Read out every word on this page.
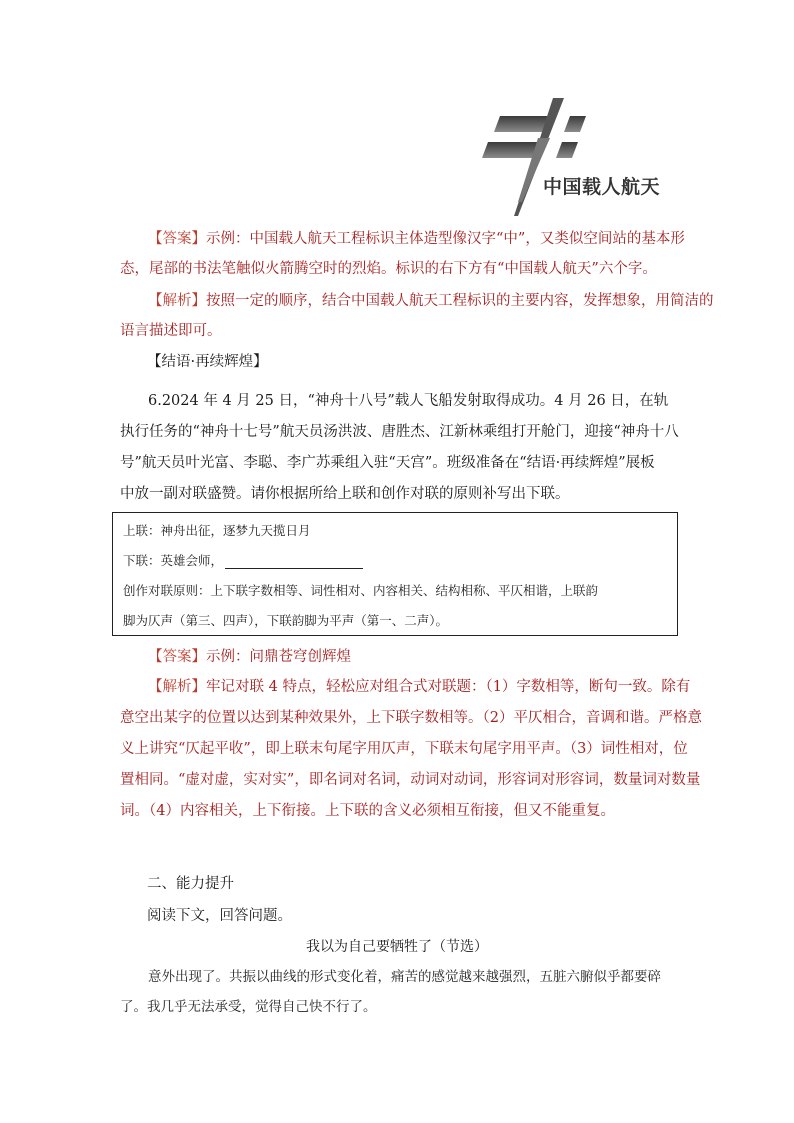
中国载人航天
【答案】示例：中国载人航天工程标识主体造型像汉字“中”，又类似空间站的基本形
态，尾部的书法笔触似火箭腾空时的烈焰。标识的右下方有“中国载人航天”六个字。
【解析】按照一定的顺序，结合中国载人航天工程标识的主要内容，发挥想象，用简洁的
语言描述即可。
【结语·再续辉煌】
6.2024 年 4 月 25 日，“神舟十八号”载人飞船发射取得成功。4 月 26 日，在轨
执行任务的“神舟十七号”航天员汤洪波、唐胜杰、江新林乘组打开舱门，迎接“神舟十八
号”航天员叶光富、李聪、李广苏乘组入驻“天宫”。班级准备在“结语·再续辉煌”展板
中放一副对联盛赞。请你根据所给上联和创作对联的原则补写出下联。
上联：神舟出征，逐梦九天揽日月
下联：英雄会师，
创作对联原则：上下联字数相等、词性相对、内容相关、结构相称、平仄相谐，上联韵
脚为仄声（第三、四声），下联韵脚为平声（第一、二声）。
【答案】示例：问鼎苍穹创辉煌
【解析】牢记对联 4 特点，轻松应对组合式对联题：（1）字数相等，断句一致。除有
意空出某字的位置以达到某种效果外，上下联字数相等。（2）平仄相合，音调和谐。严格意
义上讲究“仄起平收”，即上联末句尾字用仄声，下联末句尾字用平声。（3）词性相对，位
置相同。“虚对虚，实对实”，即名词对名词，动词对动词，形容词对形容词，数量词对数量
词。（4）内容相关，上下衔接。上下联的含义必须相互衔接，但又不能重复。
二、能力提升
阅读下文，回答问题。
我以为自己要牺牲了（节选）
意外出现了。共振以曲线的形式变化着，痛苦的感觉越来越强烈，五脏六腑似乎都要碎
了。我几乎无法承受，觉得自己快不行了。
